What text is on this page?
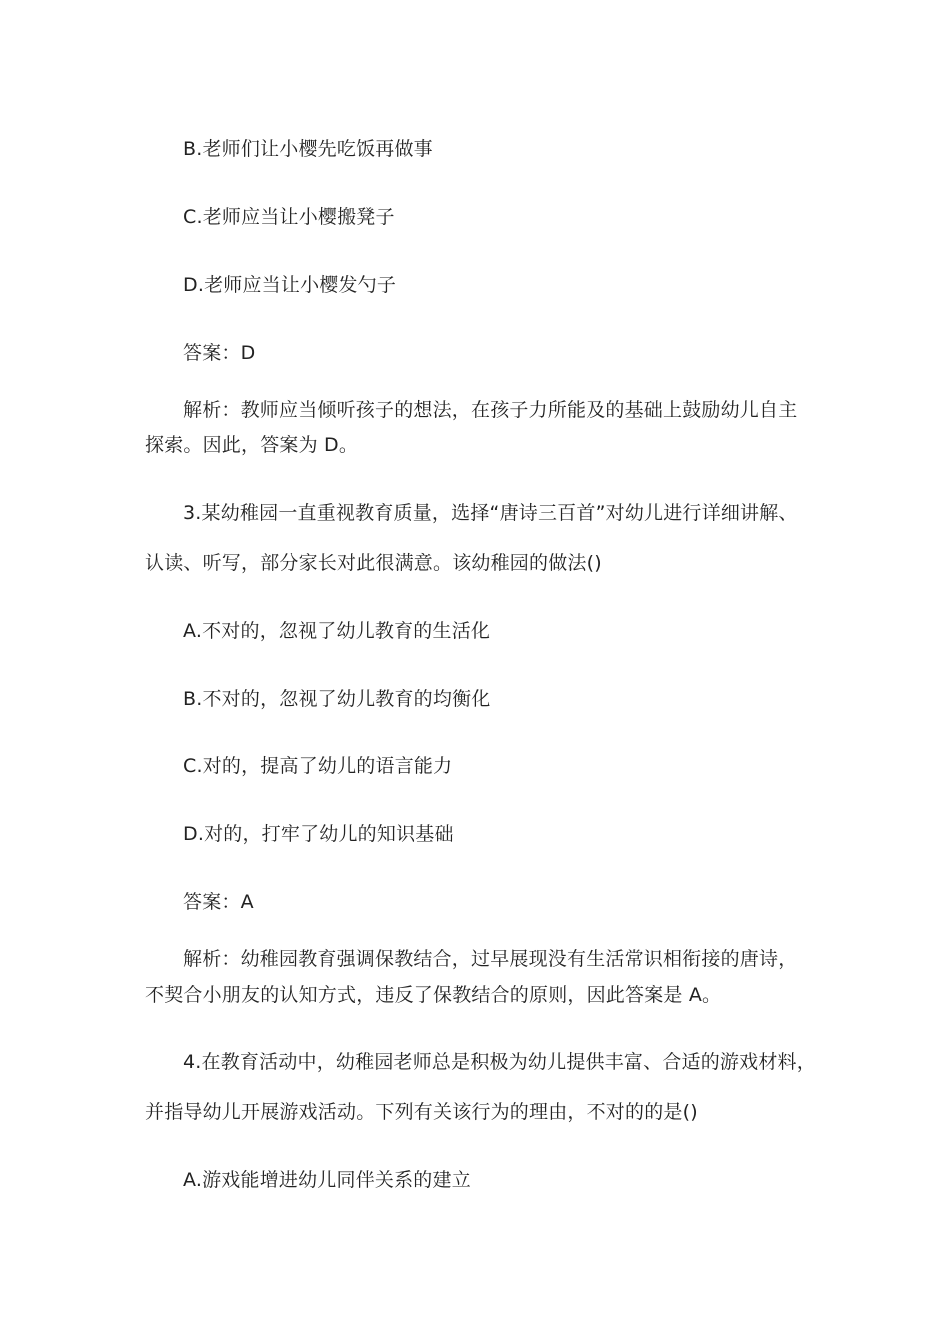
B.老师们让小樱先吃饭再做事
C.老师应当让小樱搬凳子
D.老师应当让小樱发勺子
答案：D
解析：教师应当倾听孩子的想法，在孩子力所能及的基础上鼓励幼儿自主
探索。因此，答案为 D。
3.某幼稚园一直重视教育质量，选择“唐诗三百首”对幼儿进行详细讲解、
认读、听写，部分家长对此很满意。该幼稚园的做法()
A.不对的，忽视了幼儿教育的生活化
B.不对的，忽视了幼儿教育的均衡化
C.对的，提高了幼儿的语言能力
D.对的，打牢了幼儿的知识基础
答案：A
解析：幼稚园教育强调保教结合，过早展现没有生活常识相衔接的唐诗，
不契合小朋友的认知方式，违反了保教结合的原则，因此答案是 A。
4.在教育活动中，幼稚园老师总是积极为幼儿提供丰富、合适的游戏材料，
并指导幼儿开展游戏活动。下列有关该行为的理由，不对的的是()
A.游戏能增进幼儿同伴关系的建立
